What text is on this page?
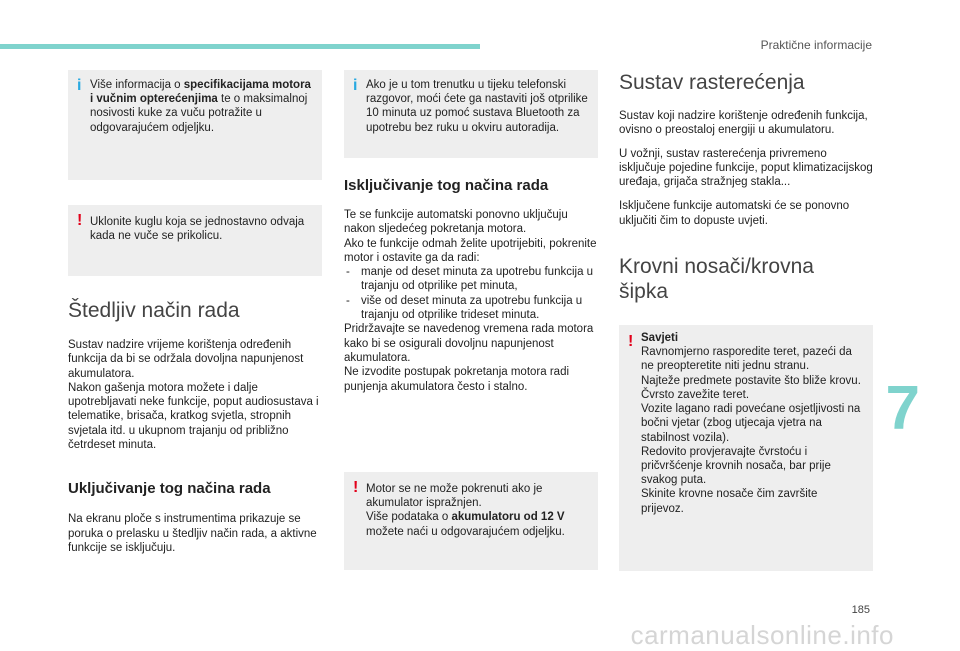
Praktične informacije
7
i Više informacija o specifikacijama motora i vučnim opterećenjima te o maksimalnoj nosivosti kuke za vuču potražite u odgovarajućem odjeljku.

! Uklonite kuglu koja se jednostavno odvaja kada ne vuče se prikolicu.

Štedljiv način rada

Sustav nadzire vrijeme korištenja određenih funkcija da bi se održala dovoljna napunjenost akumulatora.

Nakon gašenja motora možete i dalje upotrebljavati neke funkcije, poput audiosustava i telematike, brisača, kratkog svjetla, stropnih svjetala itd. u ukupnom trajanju od približno četrdeset minuta.

Uključivanje tog načina rada

Na ekranu ploče s instrumentima prikazuje se poruka o prelasku u štedljiv način rada, a aktivne funkcije se isključuju.

i Ako je u tom trenutku u tijeku telefonski razgovor, moći ćete ga nastaviti još otprilike 10 minuta uz pomoć sustava Bluetooth za upotrebu bez ruku u okviru autoradija.

Isključivanje tog načina rada

Te se funkcije automatski ponovno uključuju nakon sljedećeg pokretanja motora.

Ako te funkcije odmah želite upotrijebiti, pokrenite motor i ostavite ga da radi:

- manje od deset minuta za upotrebu funkcija u trajanju od otprilike pet minuta,
- više od deset minuta za upotrebu funkcija u trajanju od otprilike trideset minuta.

Pridržavajte se navedenog vremena rada motora kako bi se osigurali dovoljnu napunjenost akumulatora.

Ne izvodite postupak pokretanja motora radi punjenja akumulatora često i stalno.

! Motor se ne može pokrenuti ako je akumulator ispražnjen.

Više podataka o akumulatoru od 12 V možete naći u odgovarajućem odjeljku.

Sustav rasterećenja

Sustav koji nadzire korištenje određenih funkcija, ovisno o preostaloj energiji u akumulatoru.

U vožnji, sustav rasterećenja privremeno isključuje pojedine funkcije, poput klimatizacijskog uređaja, grijača stražnjeg stakla...

Isključene funkcije automatski će se ponovno uključiti čim to dopuste uvjeti.

Krovni nosači/krovna šipka
! Savjeti

Ravnomjerno rasporedite teret, pazeći da ne preopteretite niti jednu stranu.
Najteže predmete postavite što bliže krovu.
Čvrsto zavežite teret.
Vozite lagano radi povećane osjetljivosti na bočni vjetar (zbog utjecaja vjetra na stabilnost vozila).
Redovito provjeravajte čvrstoću i pričvršćenje krovnih nosača, bar prije svakog puta.
Skinite krovne nosače čim završite prijevoz.
185
carmanualsonline.info
